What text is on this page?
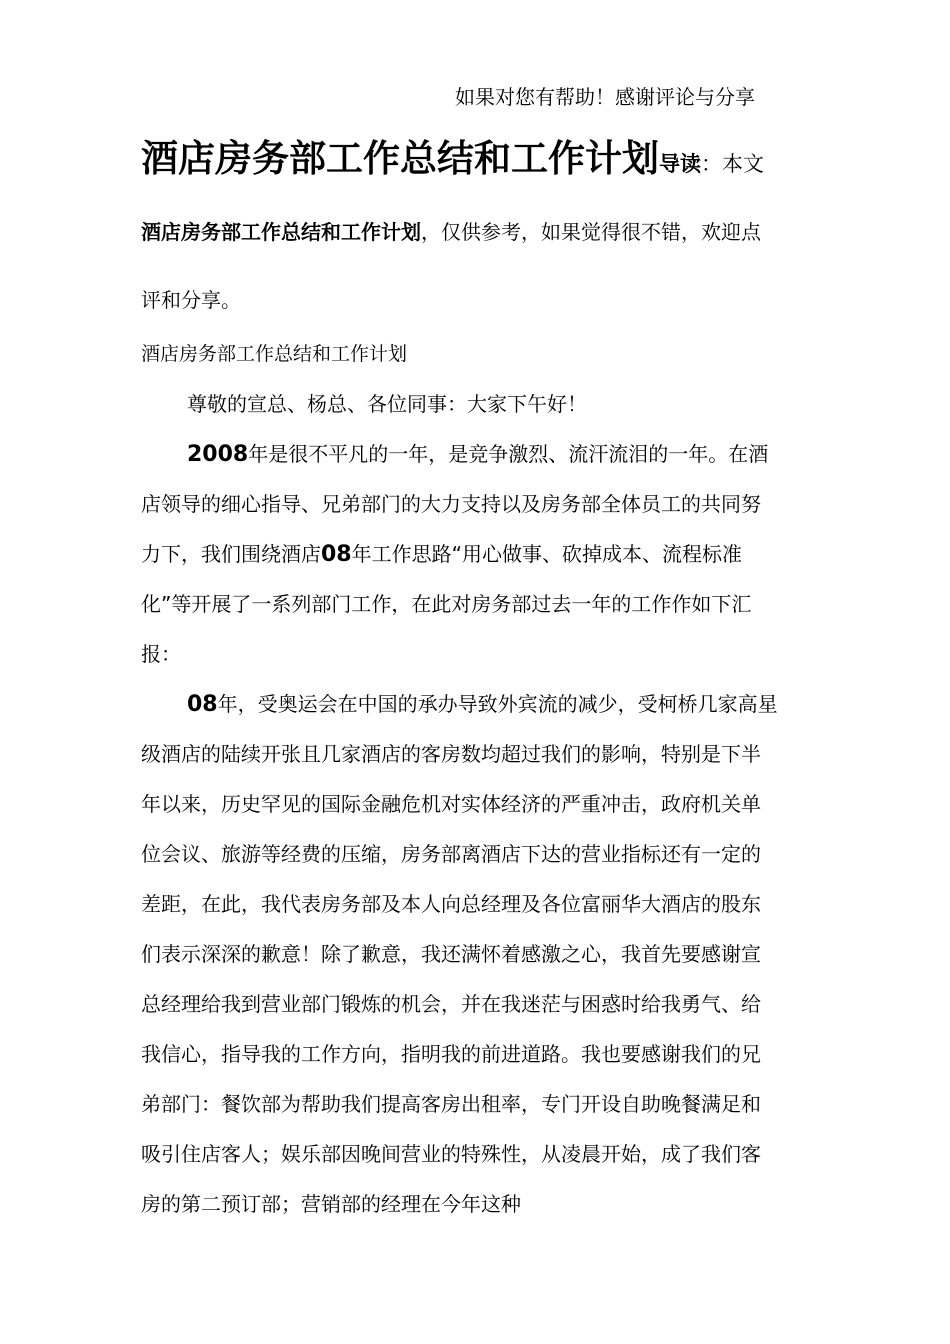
如果对您有帮助！感谢评论与分享
酒店房务部工作总结和工作计划导读：本文
酒店房务部工作总结和工作计划，仅供参考，如果觉得很不错，欢迎点
评和分享。
酒店房务部工作总结和工作计划
尊敬的宣总、杨总、各位同事：大家下午好！
2008年是很不平凡的一年，是竞争激烈、流汗流泪的一年。在酒
店领导的细心指导、兄弟部门的大力支持以及房务部全体员工的共同努
力下，我们围绕酒店08年工作思路“用心做事、砍掉成本、流程标准
化”等开展了一系列部门工作，在此对房务部过去一年的工作作如下汇
报：
08年，受奥运会在中国的承办导致外宾流的减少，受柯桥几家高星
级酒店的陆续开张且几家酒店的客房数均超过我们的影响，特别是下半
年以来，历史罕见的国际金融危机对实体经济的严重冲击，政府机关单
位会议、旅游等经费的压缩，房务部离酒店下达的营业指标还有一定的
差距，在此，我代表房务部及本人向总经理及各位富丽华大酒店的股东
们表示深深的歉意！除了歉意，我还满怀着感激之心，我首先要感谢宣
总经理给我到营业部门锻炼的机会，并在我迷茫与困惑时给我勇气、给
我信心，指导我的工作方向，指明我的前进道路。我也要感谢我们的兄
弟部门：餐饮部为帮助我们提高客房出租率，专门开设自助晚餐满足和
吸引住店客人；娱乐部因晚间营业的特殊性，从凌晨开始，成了我们客
房的第二预订部；营销部的经理在今年这种
